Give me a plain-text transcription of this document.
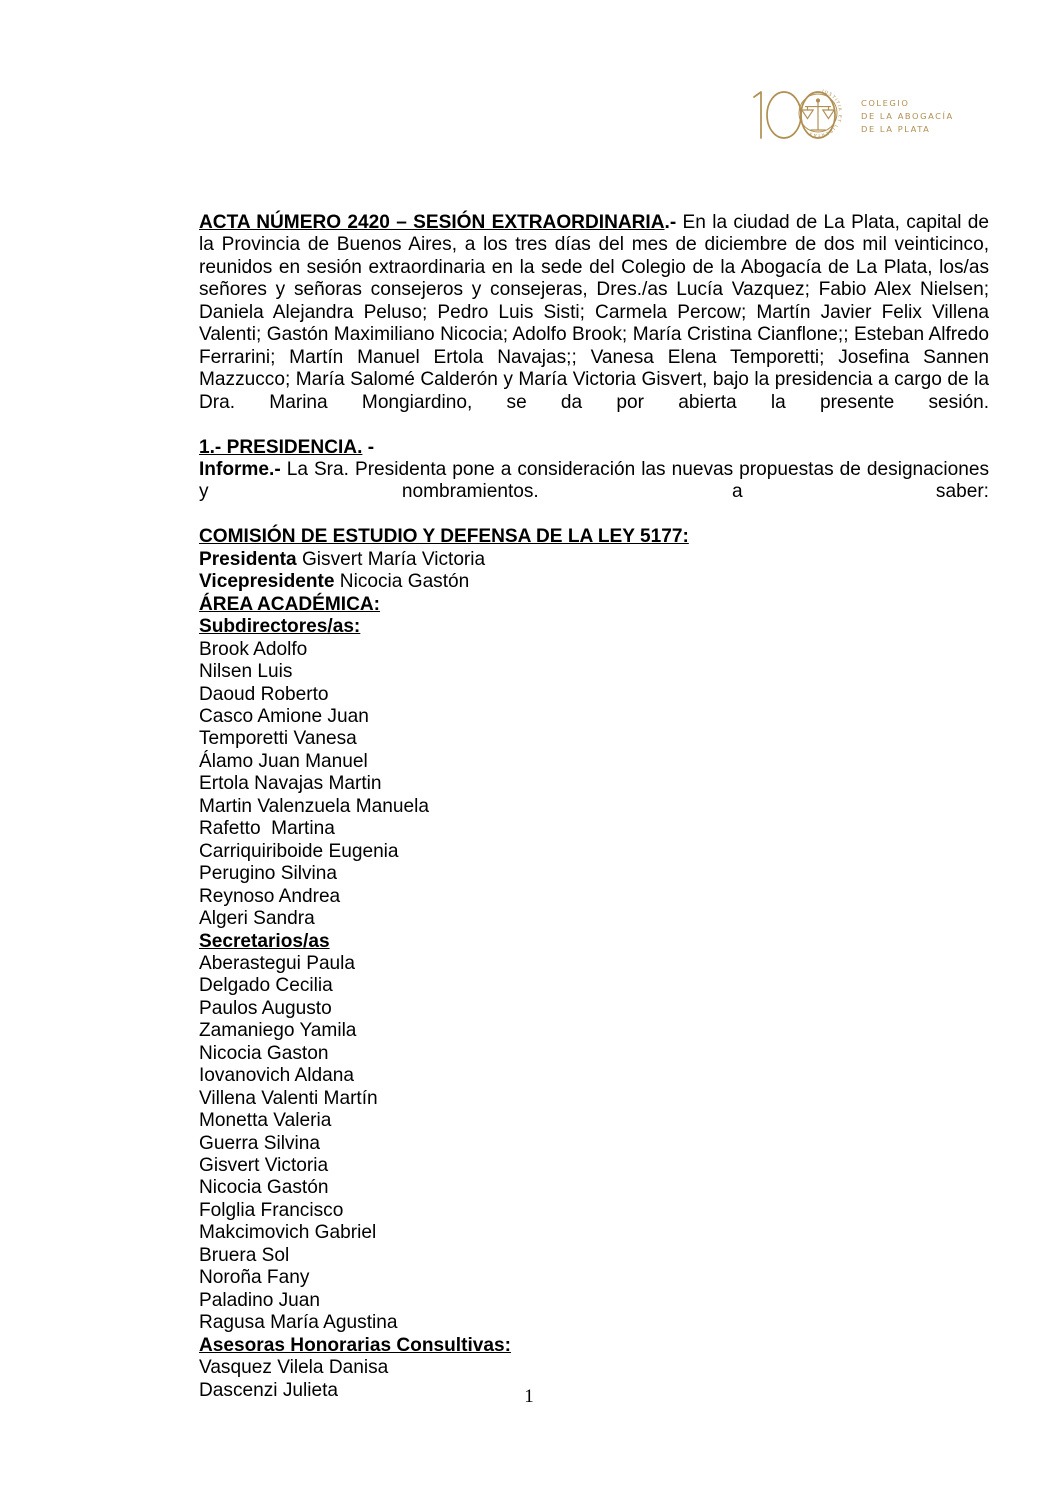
JUSTITIA ET LIBERTAS
COLEGIO
DE LA ABOGACÍA
DE LA PLATA

ACTA NÚMERO 2420 – SESIÓN EXTRAORDINARIA.- En la ciudad de La Plata, capital de la Provincia de Buenos Aires, a los tres días del mes de diciembre de dos mil veinticinco, reunidos en sesión extraordinaria en la sede del Colegio de la Abogacía de La Plata, los/as señores y señoras consejeros y consejeras, Dres./as Lucía Vazquez; Fabio Alex Nielsen; Daniela Alejandra Peluso; Pedro Luis Sisti; Carmela Percow; Martín Javier Felix Villena Valenti; Gastón Maximiliano Nicocia; Adolfo Brook; María Cristina Cianflone;; Esteban Alfredo Ferrarini; Martín Manuel Ertola Navajas;; Vanesa Elena Temporetti; Josefina Sannen Mazzucco; María Salomé Calderón y María Victoria Gisvert, bajo la presidencia a cargo de la Dra. Marina Mongiardino, se da por abierta la presente sesión.

1.- PRESIDENCIA. -

Informe.- La Sra. Presidenta pone a consideración las nuevas propuestas de designaciones y nombramientos. a saber:

COMISIÓN DE ESTUDIO Y DEFENSA DE LA LEY 5177:
Presidenta Gisvert María Victoria
Vicepresidente Nicocia Gastón
ÁREA ACADÉMICA:
Subdirectores/as:
Brook Adolfo
Nilsen Luis
Daoud Roberto
Casco Amione Juan
Temporetti Vanesa
Álamo Juan Manuel
Ertola Navajas Martin
Martin Valenzuela Manuela
Rafetto  Martina
Carriquiriboide Eugenia
Perugino Silvina
Reynoso Andrea
Algeri Sandra
Secretarios/as
Aberastegui Paula
Delgado Cecilia
Paulos Augusto
Zamaniego Yamila
Nicocia Gaston
Iovanovich Aldana
Villena Valenti Martín
Monetta Valeria
Guerra Silvina
Gisvert Victoria
Nicocia Gastón
Folglia Francisco
Makcimovich Gabriel
Bruera Sol
Noroña Fany
Paladino Juan
Ragusa María Agustina
Asesoras Honorarias Consultivas:
Vasquez Vilela Danisa
Dascenzi Julieta	1
